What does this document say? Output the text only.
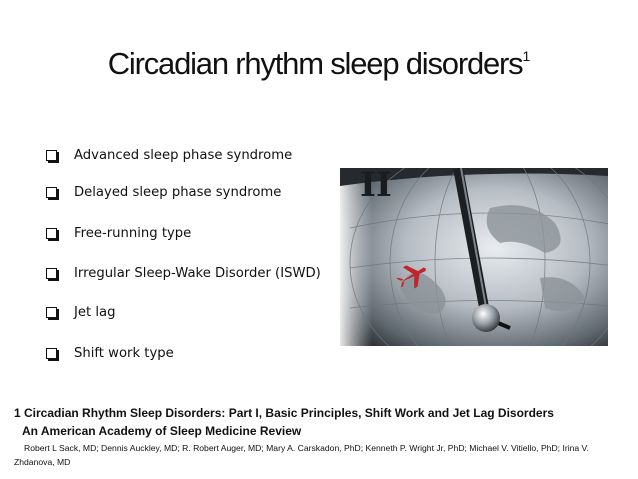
Circadian rhythm sleep disorders$^1$
Advanced sleep phase syndrome
Delayed sleep phase syndrome
Free-running type
Irregular Sleep-Wake Disorder (ISWD)
Jet lag
Shift work type
II
1 Circadian Rhythm Sleep Disorders: Part I, Basic Principles, Shift Work and Jet Lag Disorders
An American Academy of Sleep Medicine Review
Robert L Sack, MD; Dennis Auckley, MD; R. Robert Auger, MD; Mary A. Carskadon, PhD; Kenneth P. Wright Jr, PhD; Michael V. Vitiello, PhD; Irina V. Zhdanova, MD
